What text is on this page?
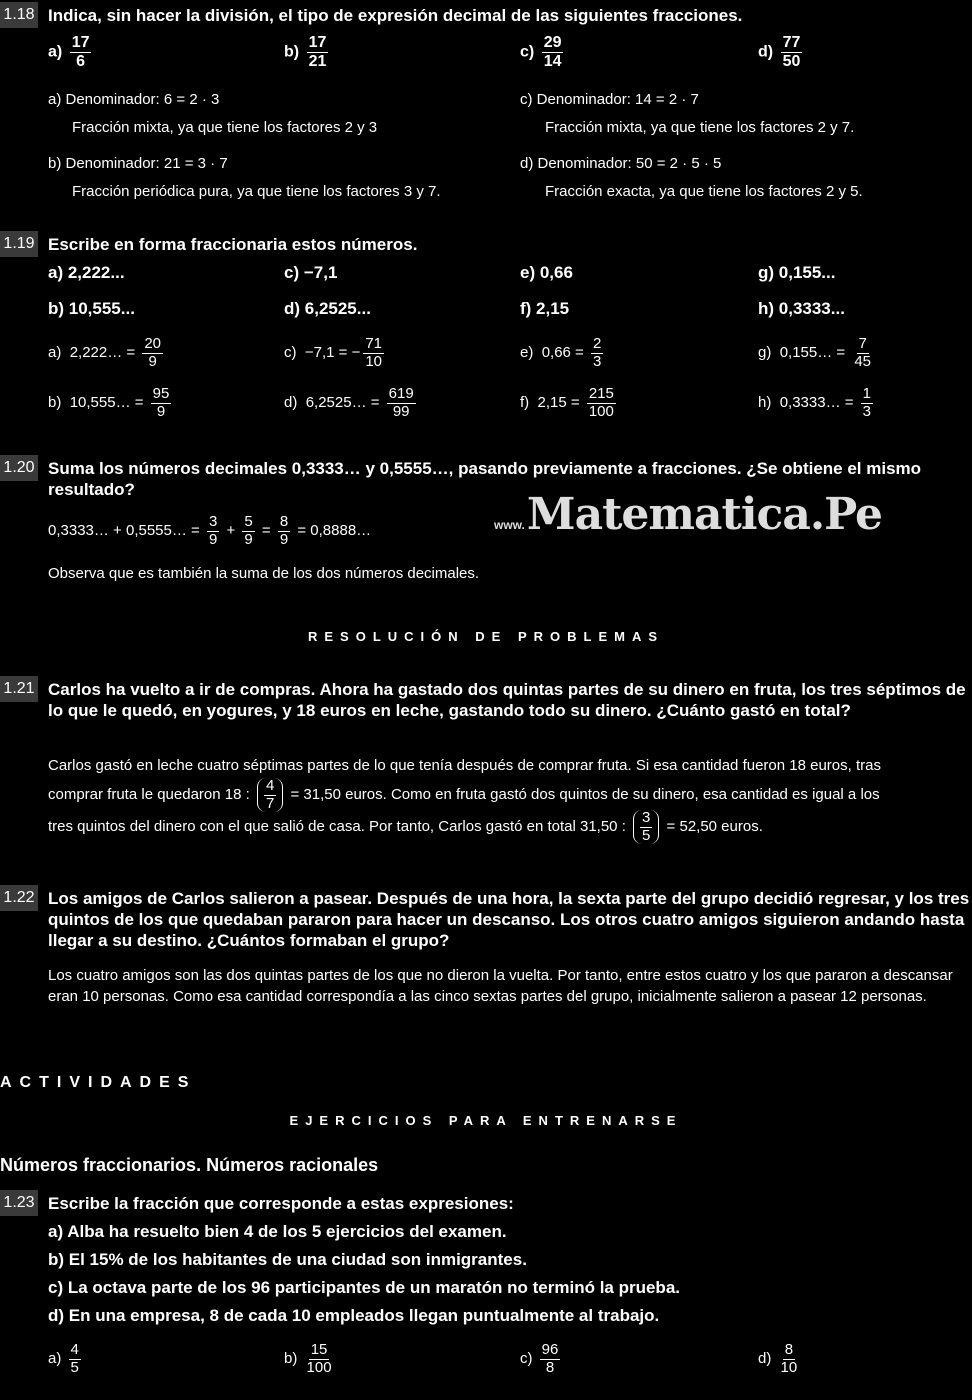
1.18 Indica, sin hacer la división, el tipo de expresión decimal de las siguientes fracciones.
$a) \frac{17}{6}$	$b) \frac{17}{21}$	$c) \frac{29}{14}$	$d) \frac{77}{50}$
a) Denominador: 6 = 2 · 3
Fracción mixta, ya que tiene los factores 2 y 3
b) Denominador: 21 = 3 · 7
Fracción periódica pura, ya que tiene los factores 3 y 7.
c) Denominador: 14 = 2 · 7
Fracción mixta, ya que tiene los factores 2 y 7.
d) Denominador: 50 = 2 · 5 · 5
Fracción exacta, ya que tiene los factores 2 y 5.
1.19 Escribe en forma fraccionaria estos números.
a) 2,222...	c) −7,1	e) 0,66	g) 0,155...
b) 10,555...	d) 6,2525...	f) 2,15	h) 0,3333...
a) 2,222… = $\frac{20}{9}$	c) −7,1 = − $\frac{71}{10}$	e) $0,66 = \frac{2}{3}$	g) 0,155… = $\frac{7}{45}$
b) 10,555… = $\frac{95}{9}$	d) 6,2525… = $\frac{619}{99}$	f) $2,15 = \frac{215}{100}$	h) 0,3333… = $\frac{1}{3}$
1.20 Suma los números decimales 0,3333… y 0,5555…, pasando previamente a fracciones. ¿Se obtiene el mismo resultado?
0,3333… + 0,5555… = $\frac{3}{9} + \frac{5}{9} = \frac{8}{9}$ = 0,8888…	www. Matematica.Pe
Observa que es también la suma de los dos números decimales.
RESOLUCIÓN DE PROBLEMAS
1.21 Carlos ha vuelto a ir de compras. Ahora ha gastado dos quintas partes de su dinero en fruta, los tres séptimos de lo que le quedó, en yogures, y 18 euros en leche, gastando todo su dinero. ¿Cuánto gastó en total?
Carlos gastó en leche cuatro séptimas partes de lo que tenía después de comprar fruta. Si esa cantidad fueron 18 euros, tras
comprar fruta le quedaron 18 : $\frac{4}{7} = 31,50$ euros. Como en fruta gastó dos quintos de su dinero, esa cantidad es igual a los
tres quintos del dinero con el que salió de casa. Por tanto, Carlos gastó en total 31,50 : $\frac{3}{5} = 52,50$ euros.
1.22 Los amigos de Carlos salieron a pasear. Después de una hora, la sexta parte del grupo decidió regresar, y los tres quintos de los que quedaban pararon para hacer un descanso. Los otros cuatro amigos siguieron andando hasta llegar a su destino. ¿Cuántos formaban el grupo?
Los cuatro amigos son las dos quintas partes de los que no dieron la vuelta. Por tanto, entre estos cuatro y los que pararon a descansar eran 10 personas. Como esa cantidad correspondía a las cinco sextas partes del grupo, inicialmente salieron a pasear 12 personas.
ACTIVIDADES
EJERCICIOS PARA ENTRENARSE
Números fraccionarios. Números racionales
1.23 Escribe la fracción que corresponde a estas expresiones:
a) Alba ha resuelto bien 4 de los 5 ejercicios del examen.
b) El 15% de los habitantes de una ciudad son inmigrantes.
c) La octava parte de los 96 participantes de un maratón no terminó la prueba.
d) En una empresa, 8 de cada 10 empleados llegan puntualmente al trabajo.
$a) \frac{4}{5}$	$b) \frac{15}{100}$	$c) \frac{96}{8}$	$d) \frac{8}{10}$
